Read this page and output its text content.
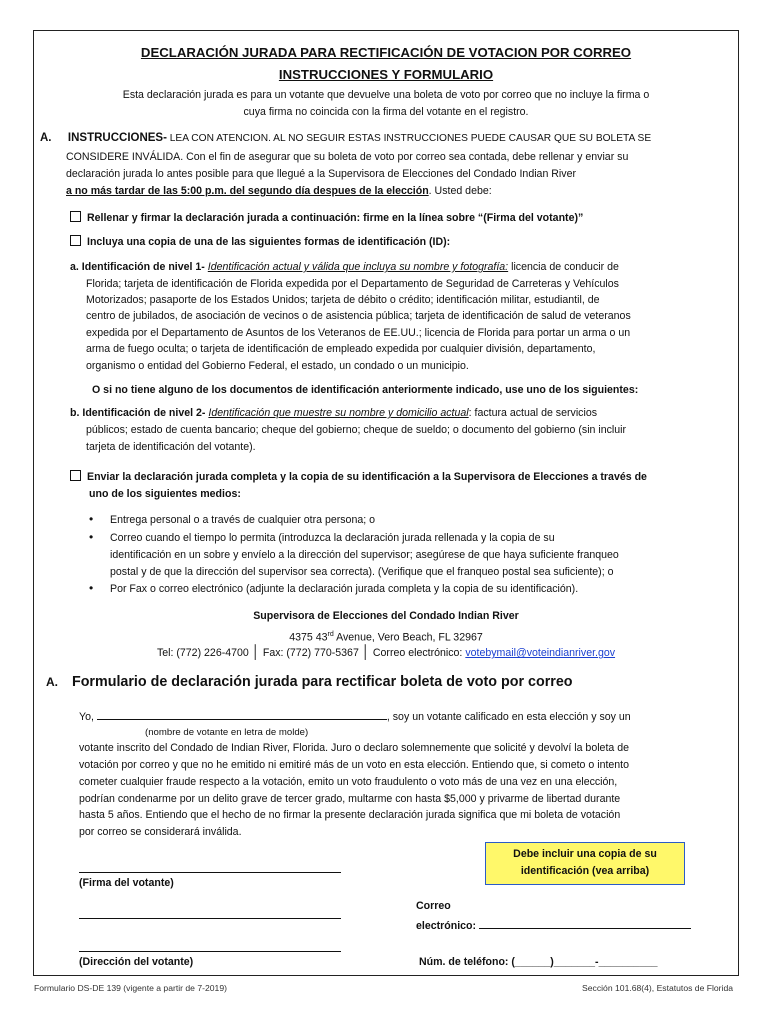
DECLARACIÓN JURADA PARA RECTIFICACIÓN DE VOTACION POR CORREO
INSTRUCCIONES Y FORMULARIO
Esta declaración jurada es para un votante que devuelve una boleta de voto por correo que no incluye la firma o
cuya firma no coincida con la firma del votante en el registro.
A. INSTRUCCIONES- LEA CON ATENCION. AL NO SEGUIR ESTAS INSTRUCCIONES PUEDE CAUSAR QUE SU BOLETA SE
CONSIDERE INVÁLIDA. Con el fin de asegurar que su boleta de voto por correo sea contada, debe rellenar y enviar su
declaración jurada lo antes posible para que llegué a la Supervisora de Elecciones del Condado Indian River
a no más tardar de las 5:00 p.m. del segundo día despues de la elección. Usted debe:
Rellenar y firmar la declaración jurada a continuación: firme en la línea sobre “(Firma del votante)”
Incluya una copia de una de las siguientes formas de identificación (ID):
a. Identificación de nivel 1- Identificación actual y válida que incluya su nombre y fotografía: licencia de conducir de
Florida; tarjeta de identificación de Florida expedida por el Departamento de Seguridad de Carreteras y Vehículos
Motorizados; pasaporte de los Estados Unidos; tarjeta de débito o crédito; identificación militar, estudiantil, de
centro de jubilados, de asociación de vecinos o de asistencia pública; tarjeta de identificación de salud de veteranos
expedida por el Departamento de Asuntos de los Veteranos de EE.UU.; licencia de Florida para portar un arma o un
arma de fuego oculta; o tarjeta de identificación de empleado expedida por cualquier división, departamento,
organismo o entidad del Gobierno Federal, el estado, un condado o un municipio.
O si no tiene alguno de los documentos de identificación anteriormente indicado, use uno de los siguientes:
b. Identificación de nivel 2- Identificación que muestre su nombre y domicilio actual: factura actual de servicios
públicos; estado de cuenta bancario; cheque del gobierno; cheque de sueldo; o documento del gobierno (sin incluir
tarjeta de identificación del votante).
Enviar la declaración jurada completa y la copia de su identificación a la Supervisora de Elecciones a través de
uno de los siguientes medios:
• Entrega personal o a través de cualquier otra persona; o
• Correo cuando el tiempo lo permita (introduzca la declaración jurada rellenada y la copia de su
identificación en un sobre y envíelo a la dirección del supervisor; asegúrese de que haya suficiente franqueo
postal y de que la dirección del supervisor sea correcta). (Verifique que el franqueo postal sea suficiente); o
• Por Fax o correo electrónico (adjunte la declaración jurada completa y la copia de su identificación).
Supervisora de Elecciones del Condado Indian River
4375 43rd Avenue, Vero Beach, FL 32967
Tel: (772) 226-4700 │ Fax: (772) 770-5367 │ Correo electrónico: votebymail@voteindianriver.gov
A. Formulario de declaración jurada para rectificar boleta de voto por correo
Yo,	, soy un votante calificado en esta elección y soy un
(nombre de votante en letra de molde)
votante inscrito del Condado de Indian River, Florida. Juro o declaro solemnemente que solicité y devolví la boleta de
votación por correo y que no he emitido ni emitiré más de un voto en esta elección. Entiendo que, si cometo o intento
cometer cualquier fraude respecto a la votación, emito un voto fraudulento o voto más de una vez en una elección,
podrían condenarme por un delito grave de tercer grado, multarme con hasta $5,000 y privarme de libertad durante
hasta 5 años. Entiendo que el hecho de no firmar la presente declaración jurada significa que mi boleta de votación
por correo se considerará inválida.
Debe incluir una copia de su
identificación (vea arriba)
(Firma del votante)
(Dirección del votante)
Correo
electrónico:
Núm. de teléfono: (______)_______-__________
Formulario DS-DE 139 (vigente a partir de 7-2019)	Sección 101.68(4), Estatutos de Florida
